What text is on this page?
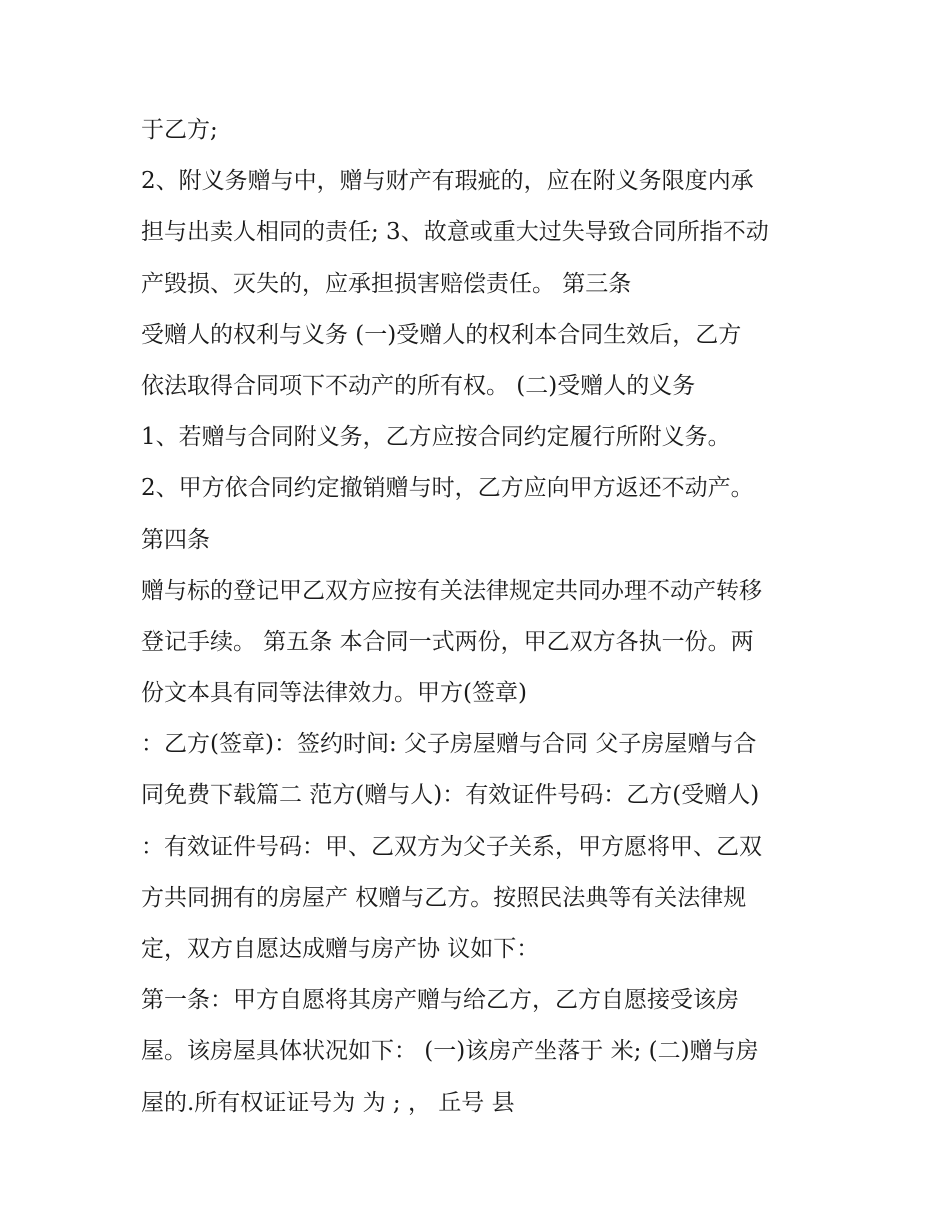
于乙方;
2、附义务赠与中，赠与财产有瑕疵的，应在附义务限度内承
担与出卖人相同的责任; 3、故意或重大过失导致合同所指不动
产毁损、灭失的，应承担损害赔偿责任。 第三条
受赠人的权利与义务 (一)受赠人的权利本合同生效后，乙方
依法取得合同项下不动产的所有权。 (二)受赠人的义务
1、若赠与合同附义务，乙方应按合同约定履行所附义务。
2、甲方依合同约定撤销赠与时，乙方应向甲方返还不动产。
第四条
赠与标的登记甲乙双方应按有关法律规定共同办理不动产转移
登记手续。 第五条 本合同一式两份，甲乙双方各执一份。两
份文本具有同等法律效力。甲方(签章)
：乙方(签章)：签约时间: 父子房屋赠与合同 父子房屋赠与合
同免费下载篇二 范方(赠与人)：有效证件号码：乙方(受赠人)
：有效证件号码：甲、乙双方为父子关系，甲方愿将甲、乙双
方共同拥有的房屋产 权赠与乙方。按照民法典等有关法律规
定，双方自愿达成赠与房产协 议如下：
第一条：甲方自愿将其房产赠与给乙方，乙方自愿接受该房
屋。该房屋具体状况如下： (一)该房产坐落于 米; (二)赠与房
屋的.所有权证证号为 为 ; ， 丘号 县
